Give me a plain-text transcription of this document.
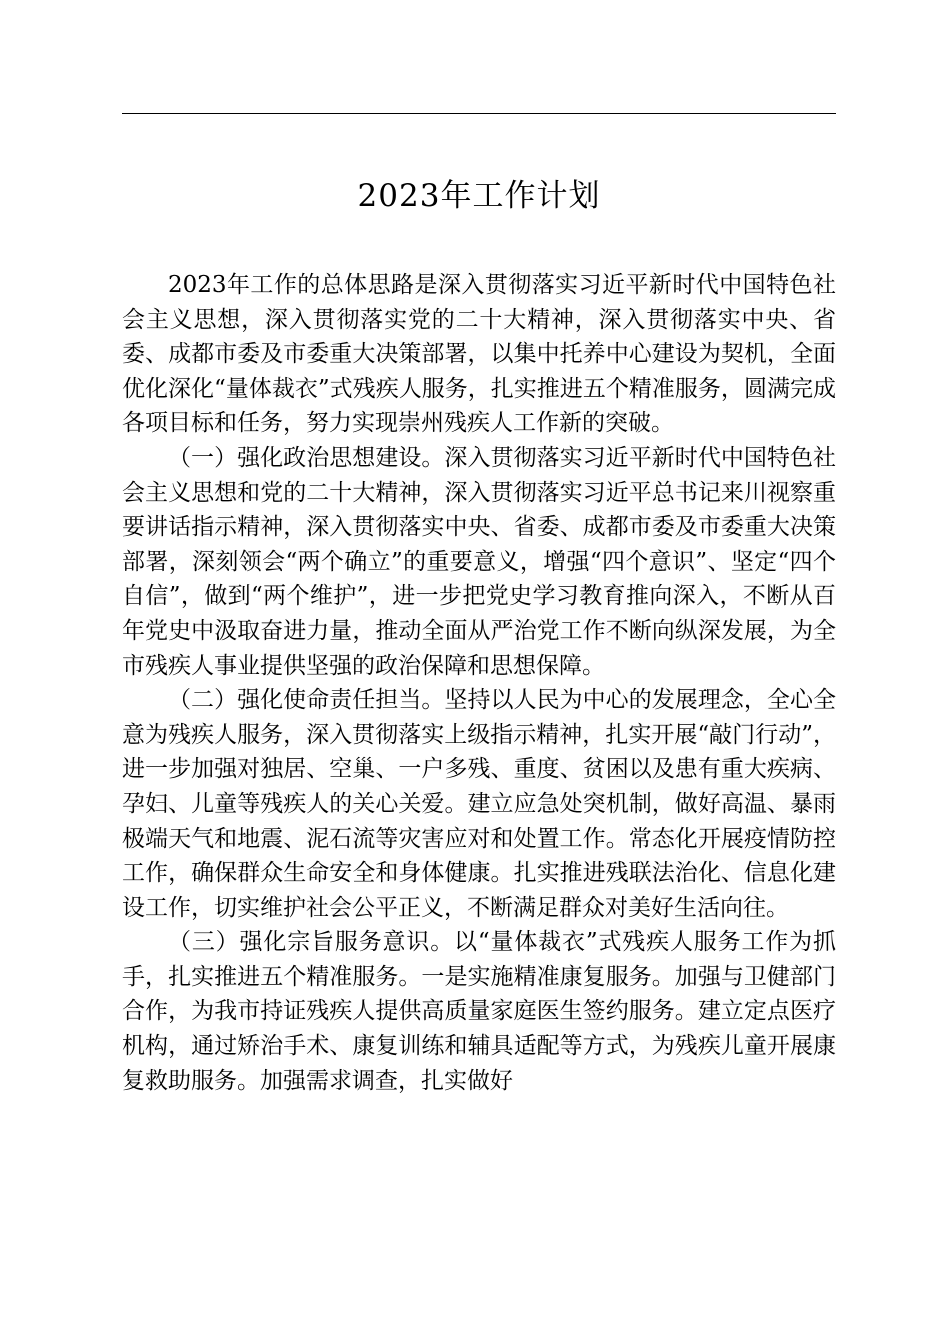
2023年工作计划

2023年工作的总体思路是深入贯彻落实习近平新时代中国特色社会主义思想，深入贯彻落实党的二十大精神，深入贯彻落实中央、省委、成都市委及市委重大决策部署，以集中托养中心建设为契机，全面优化深化“量体裁衣”式残疾人服务，扎实推进五个精准服务，圆满完成各项目标和任务，努力实现崇州残疾人工作新的突破。

（一）强化政治思想建设。深入贯彻落实习近平新时代中国特色社会主义思想和党的二十大精神，深入贯彻落实习近平总书记来川视察重要讲话指示精神，深入贯彻落实中央、省委、成都市委及市委重大决策部署，深刻领会“两个确立”的重要意义，增强“四个意识”、坚定“四个自信”，做到“两个维护”，进一步把党史学习教育推向深入，不断从百年党史中汲取奋进力量，推动全面从严治党工作不断向纵深发展，为全市残疾人事业提供坚强的政治保障和思想保障。

（二）强化使命责任担当。坚持以人民为中心的发展理念，全心全意为残疾人服务，深入贯彻落实上级指示精神，扎实开展“敲门行动”，进一步加强对独居、空巢、一户多残、重度、贫困以及患有重大疾病、孕妇、儿童等残疾人的关心关爱。建立应急处突机制，做好高温、暴雨极端天气和地震、泥石流等灾害应对和处置工作。常态化开展疫情防控工作，确保群众生命安全和身体健康。扎实推进残联法治化、信息化建设工作，切实维护社会公平正义，不断满足群众对美好生活向往。

（三）强化宗旨服务意识。以“量体裁衣”式残疾人服务工作为抓手，扎实推进五个精准服务。一是实施精准康复服务。加强与卫健部门合作，为我市持证残疾人提供高质量家庭医生签约服务。建立定点医疗机构，通过矫治手术、康复训练和辅具适配等方式，为残疾儿童开展康复救助服务。加强需求调查，扎实做好
